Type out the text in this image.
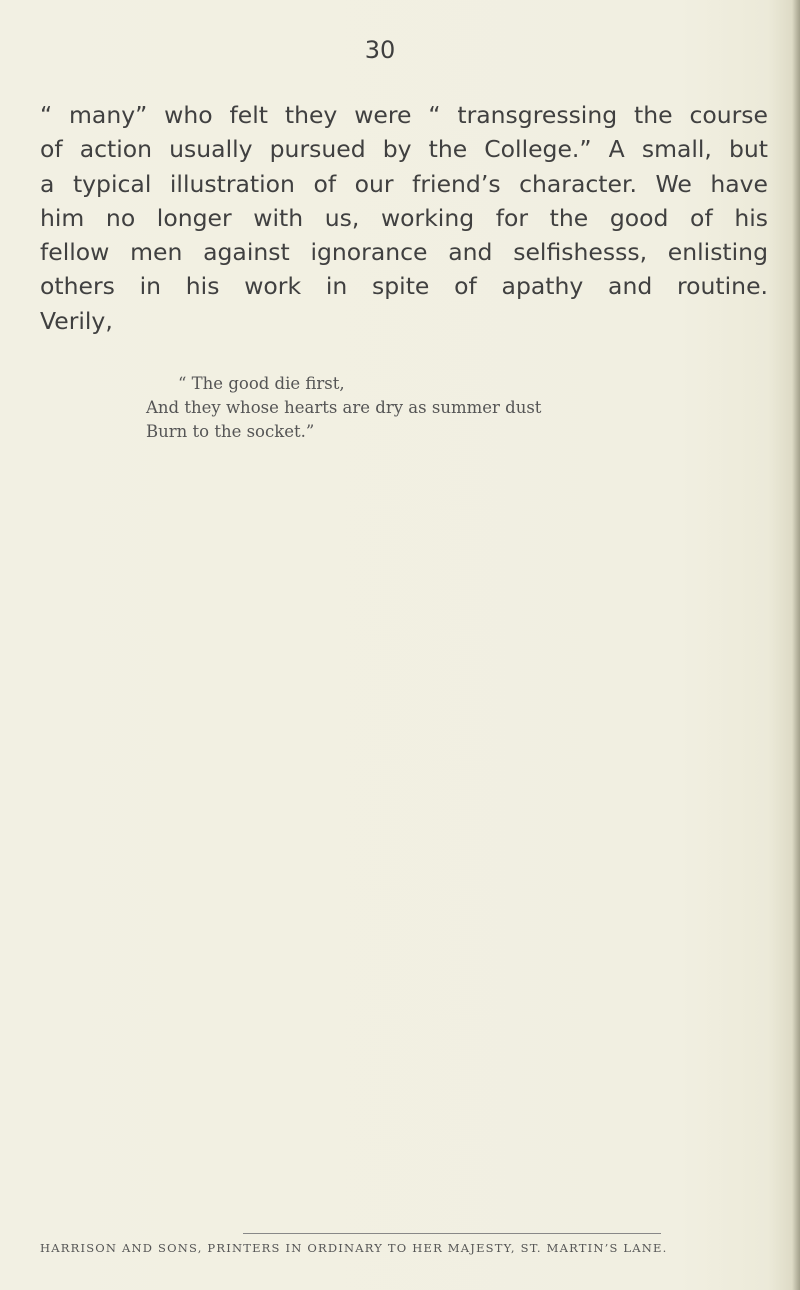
30
“ many” who felt they were “ transgressing the course
of action usually pursued by the College.” A small, but
a typical illustration of our friend’s character. We have
him no longer with us, working for the good of his
fellow men against ignorance and selfishesss, enlisting
others in his work in spite of apathy and routine.
Verily,
“ The good die first,
And they whose hearts are dry as summer dust
Burn to the socket.”
HARRISON AND SONS, PRINTERS IN ORDINARY TO HER MAJESTY, ST. MARTIN’S LANE.
